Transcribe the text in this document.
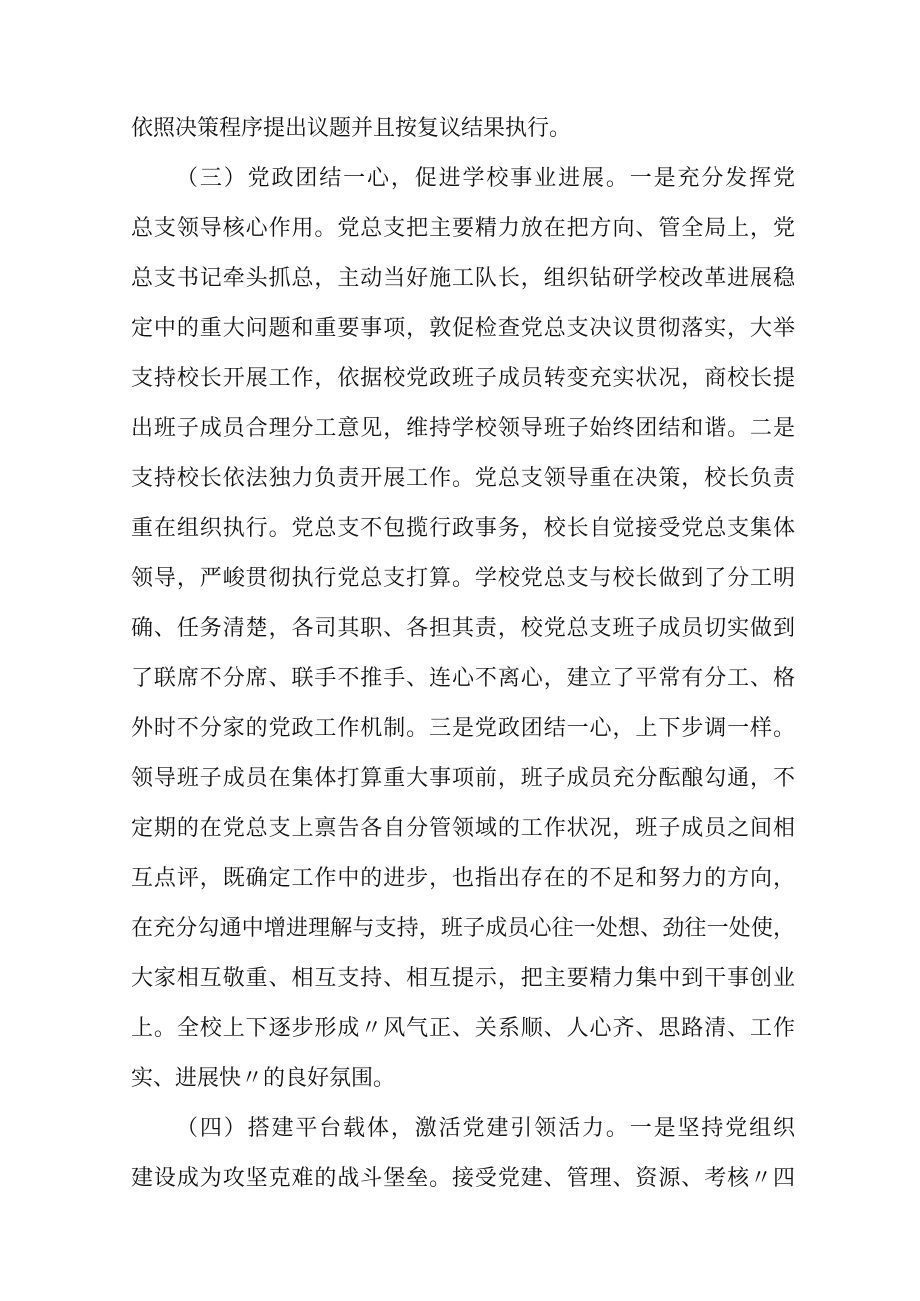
依照决策程序提出议题并且按复议结果执行。
（三）党政团结一心，促进学校事业进展。一是充分发挥党
总支领导核心作用。党总支把主要精力放在把方向、管全局上，党
总支书记牵头抓总，主动当好施工队长，组织钻研学校改革进展稳
定中的重大问题和重要事项，敦促检查党总支决议贯彻落实，大举
支持校长开展工作，依据校党政班子成员转变充实状况，商校长提
出班子成员合理分工意见，维持学校领导班子始终团结和谐。二是
支持校长依法独力负责开展工作。党总支领导重在决策，校长负责
重在组织执行。党总支不包揽行政事务，校长自觉接受党总支集体
领导，严峻贯彻执行党总支打算。学校党总支与校长做到了分工明
确、任务清楚，各司其职、各担其责，校党总支班子成员切实做到
了联席不分席、联手不推手、连心不离心，建立了平常有分工、格
外时不分家的党政工作机制。三是党政团结一心，上下步调一样。
领导班子成员在集体打算重大事项前，班子成员充分酝酿勾通，不
定期的在党总支上禀告各自分管领域的工作状况，班子成员之间相
互点评，既确定工作中的进步，也指出存在的不足和努力的方向，
在充分勾通中增进理解与支持，班子成员心往一处想、劲往一处使，
大家相互敬重、相互支持、相互提示，把主要精力集中到干事创业
上。全校上下逐步形成〃风气正、关系顺、人心齐、思路清、工作
实、进展快〃的良好氛围。
（四）搭建平台载体，激活党建引领活力。一是坚持党组织
建设成为攻坚克难的战斗堡垒。接受党建、管理、资源、考核〃四
